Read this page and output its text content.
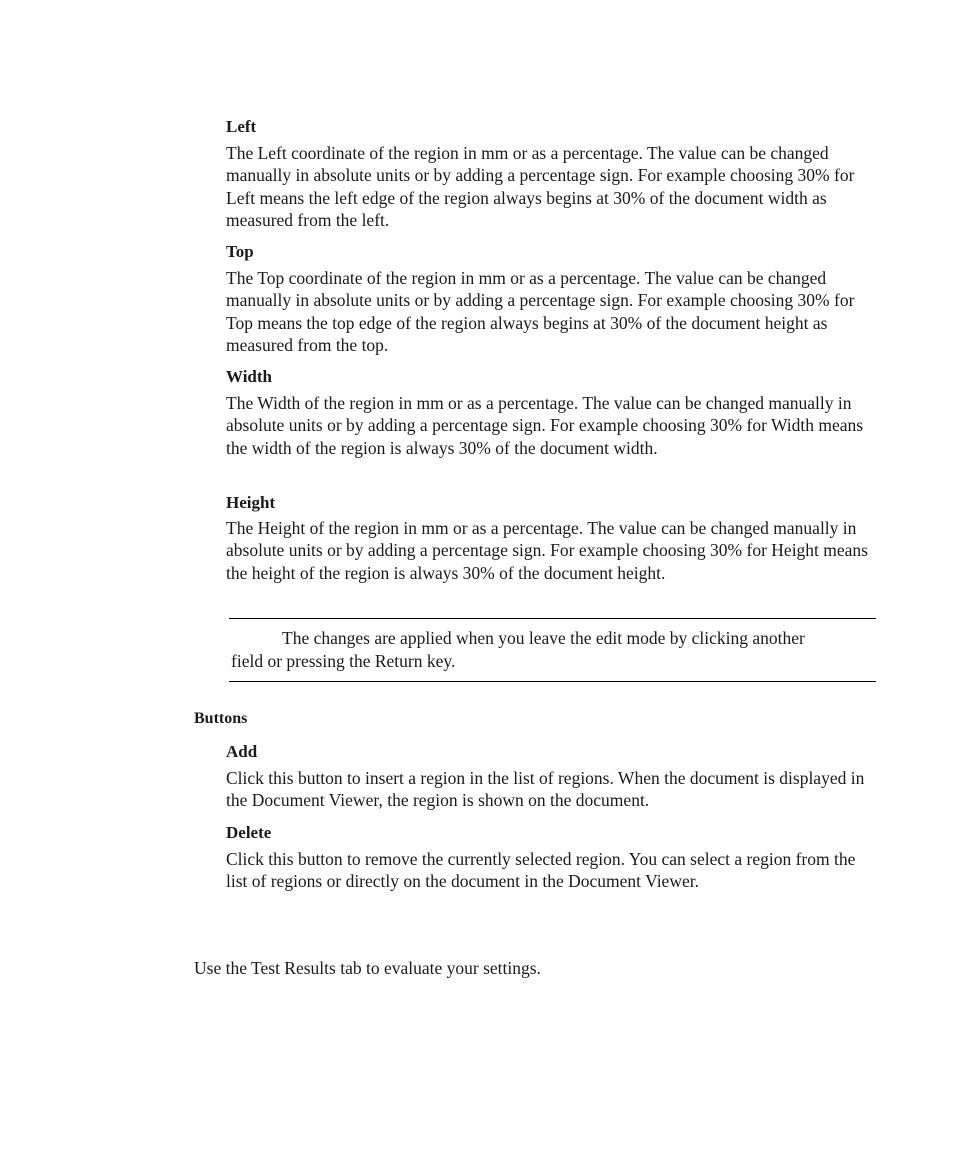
Left
The Left coordinate of the region in mm or as a percentage. The value can be changed manually in absolute units or by adding a percentage sign. For example choosing 30% for Left means the left edge of the region always begins at 30% of the document width as measured from the left.
Top
The Top coordinate of the region in mm or as a percentage. The value can be changed manually in absolute units or by adding a percentage sign. For example choosing 30% for Top means the top edge of the region always begins at 30% of the document height as measured from the top.
Width
The Width of the region in mm or as a percentage. The value can be changed manually in absolute units or by adding a percentage sign. For example choosing 30% for Width means the width of the region is always 30% of the document width.
Height
The Height of the region in mm or as a percentage. The value can be changed manually in absolute units or by adding a percentage sign. For example choosing 30% for Height means the height of the region is always 30% of the document height.
The changes are applied when you leave the edit mode by clicking another field or pressing the Return key.
Buttons
Add
Click this button to insert a region in the list of regions. When the document is displayed in the Document Viewer, the region is shown on the document.
Delete
Click this button to remove the currently selected region. You can select a region from the list of regions or directly on the document in the Document Viewer.
Use the Test Results tab to evaluate your settings.
